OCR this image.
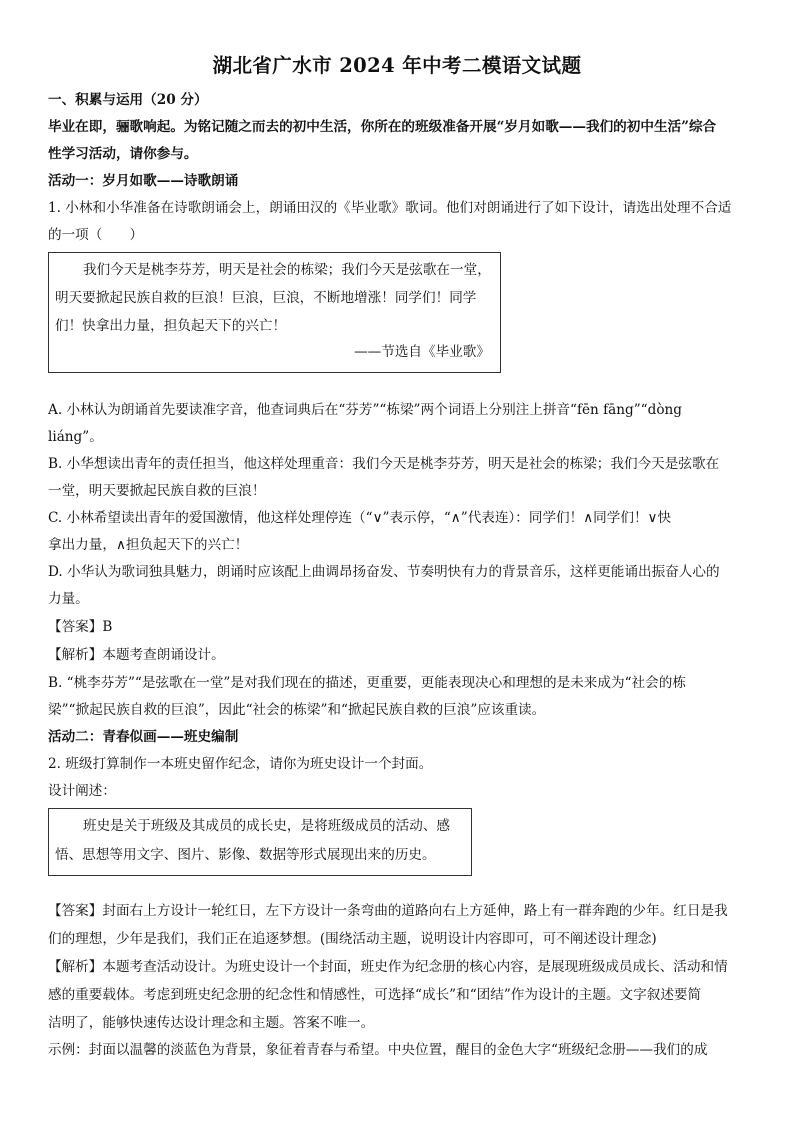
湖北省广水市 2024 年中考二模语文试题
一、积累与运用（20 分）
毕业在即，骊歌响起。为铭记随之而去的初中生活，你所在的班级准备开展“岁月如歌——我们的初中生活”综合
性学习活动，请你参与。
活动一：岁月如歌——诗歌朗诵
1. 小林和小华准备在诗歌朗诵会上，朗诵田汉的《毕业歌》歌词。他们对朗诵进行了如下设计，请选出处理不合适
的一项（　　）
我们今天是桃李芬芳，明天是社会的栋梁；我们今天是弦歌在一堂，
明天要掀起民族自救的巨浪！巨浪，巨浪，不断地增涨！同学们！同学
们！快拿出力量，担负起天下的兴亡！
——节选自《毕业歌》
A. 小林认为朗诵首先要读准字音，他查词典后在“芬芳”“栋梁”两个词语上分别注上拼音“fēn fāng”“dòng
liáng”。
B. 小华想读出青年的责任担当，他这样处理重音：我们今天是桃李芬芳，明天是社会的栋梁；我们今天是弦歌在
一堂，明天要掀起民族自救的巨浪！
C. 小林希望读出青年的爱国激情，他这样处理停连（“∨”表示停，“∧”代表连）：同学们！∧同学们！∨快
拿出力量，∧担负起天下的兴亡！
D. 小华认为歌词独具魅力，朗诵时应该配上曲调昂扬奋发、节奏明快有力的背景音乐，这样更能诵出振奋人心的
力量。
【答案】B
【解析】本题考查朗诵设计。
B. “桃李芬芳”“是弦歌在一堂”是对我们现在的描述，更重要，更能表现决心和理想的是未来成为“社会的栋
梁”“掀起民族自救的巨浪”，因此“社会的栋梁”和“掀起民族自救的巨浪”应该重读。
活动二：青春似画——班史编制
2. 班级打算制作一本班史留作纪念，请你为班史设计一个封面。
设计阐述：
班史是关于班级及其成员的成长史，是将班级成员的活动、感
悟、思想等用文字、图片、影像、数据等形式展现出来的历史。
【答案】封面右上方设计一轮红日，左下方设计一条弯曲的道路向右上方延伸，路上有一群奔跑的少年。红日是我
们的理想，少年是我们，我们正在追逐梦想。(围绕活动主题，说明设计内容即可，可不阐述设计理念)
【解析】本题考查活动设计。为班史设计一个封面，班史作为纪念册的核心内容，是展现班级成员成长、活动和情
感的重要载体。考虑到班史纪念册的纪念性和情感性，可选择“成长”和“团结”作为设计的主题。文字叙述要简
洁明了，能够快速传达设计理念和主题。答案不唯一。
示例：封面以温馨的淡蓝色为背景，象征着青春与希望。中央位置，醒目的金色大字“班级纪念册——我们的成
